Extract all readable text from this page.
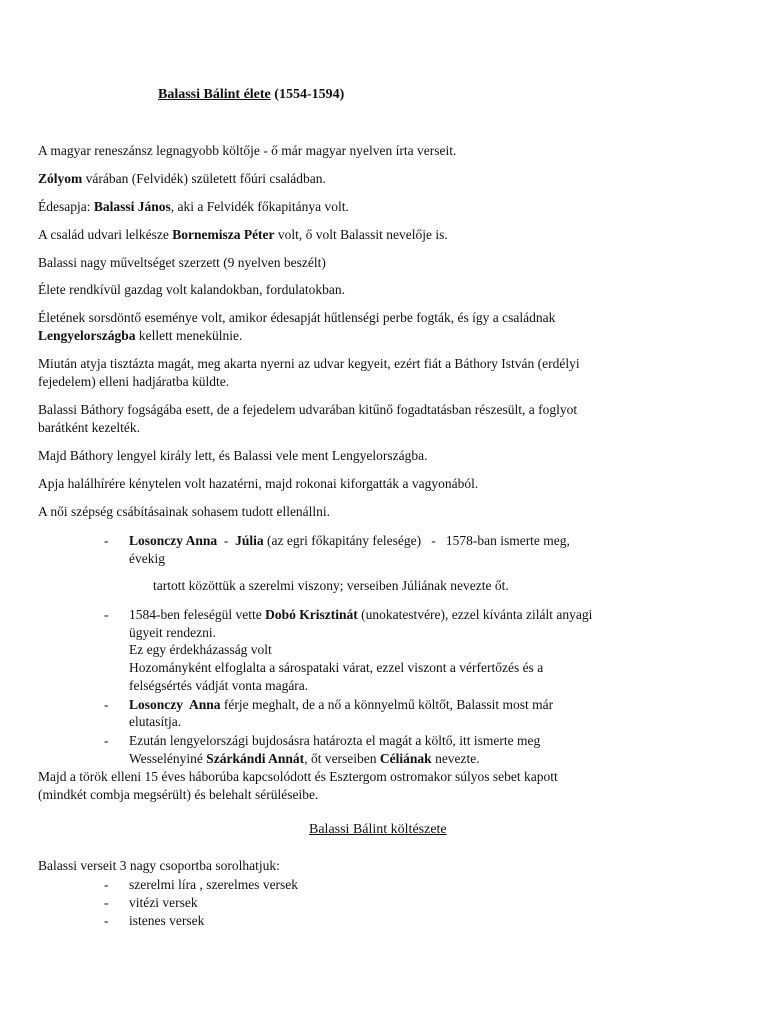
Balassi Bálint élete (1554-1594)
A magyar reneszánsz legnagyobb költője - ő már magyar nyelven írta verseit.
Zólyom várában (Felvidék) született főúri családban.
Édesapja: Balassi János, aki a Felvidék főkapitánya volt.
A család udvari lelkésze Bornemisza Péter volt, ő volt Balassit nevelője is.
Balassi nagy műveltséget szerzett (9 nyelven beszélt)
Élete rendkívül gazdag volt kalandokban, fordulatokban.
Életének sorsdöntő eseménye volt, amikor édesapját hűtlenségi perbe fogták, és így a családnak
Lengyelországba kellett menekülnie.
Miután atyja tisztázta magát, meg akarta nyerni az udvar kegyeit, ezért fiát a Báthory István (erdélyi
fejedelem) elleni hadjáratba küldte.
Balassi Báthory fogságába esett, de a fejedelem udvarában kitűnő fogadtatásban részesült, a foglyot
barátként kezelték.
Majd Báthory lengyel király lett, és Balassi vele ment Lengyelországba.
Apja halálhírére kénytelen volt hazatérni, majd rokonai kiforgatták a vagyonából.
A női szépség csábításainak sohasem tudott ellenállni.
- Losonczy Anna  -  Júlia (az egri főkapitány felesége)   -   1578-ban ismerte meg,
évekig
tartott közöttük a szerelmi viszony; verseiben Júliának nevezte őt.
- 1584-ben feleségül vette Dobó Krisztinát (unokatestvére), ezzel kívánta zilált anyagi
ügyeit rendezni.
Ez egy érdekházasság volt
Hozományként elfoglalta a sárospataki várat, ezzel viszont a vérfertőzés és a
felségsértés vádját vonta magára.
- Losonczy  Anna férje meghalt, de a nő a könnyelmű költőt, Balassit most már
elutasítja.
- Ezután lengyelországi bujdosásra határozta el magát a költő, itt ismerte meg
Wesselényiné Szárkándi Annát, őt verseiben Céliának nevezte.
Majd a török elleni 15 éves háborúba kapcsolódott és Esztergom ostromakor súlyos sebet kapott
(mindkét combja megsérült) és belehalt sérüléseibe.
Balassi Bálint költészete
Balassi verseit 3 nagy csoportba sorolhatjuk:
- szerelmi líra , szerelmes versek
- vitézi versek
- istenes versek
